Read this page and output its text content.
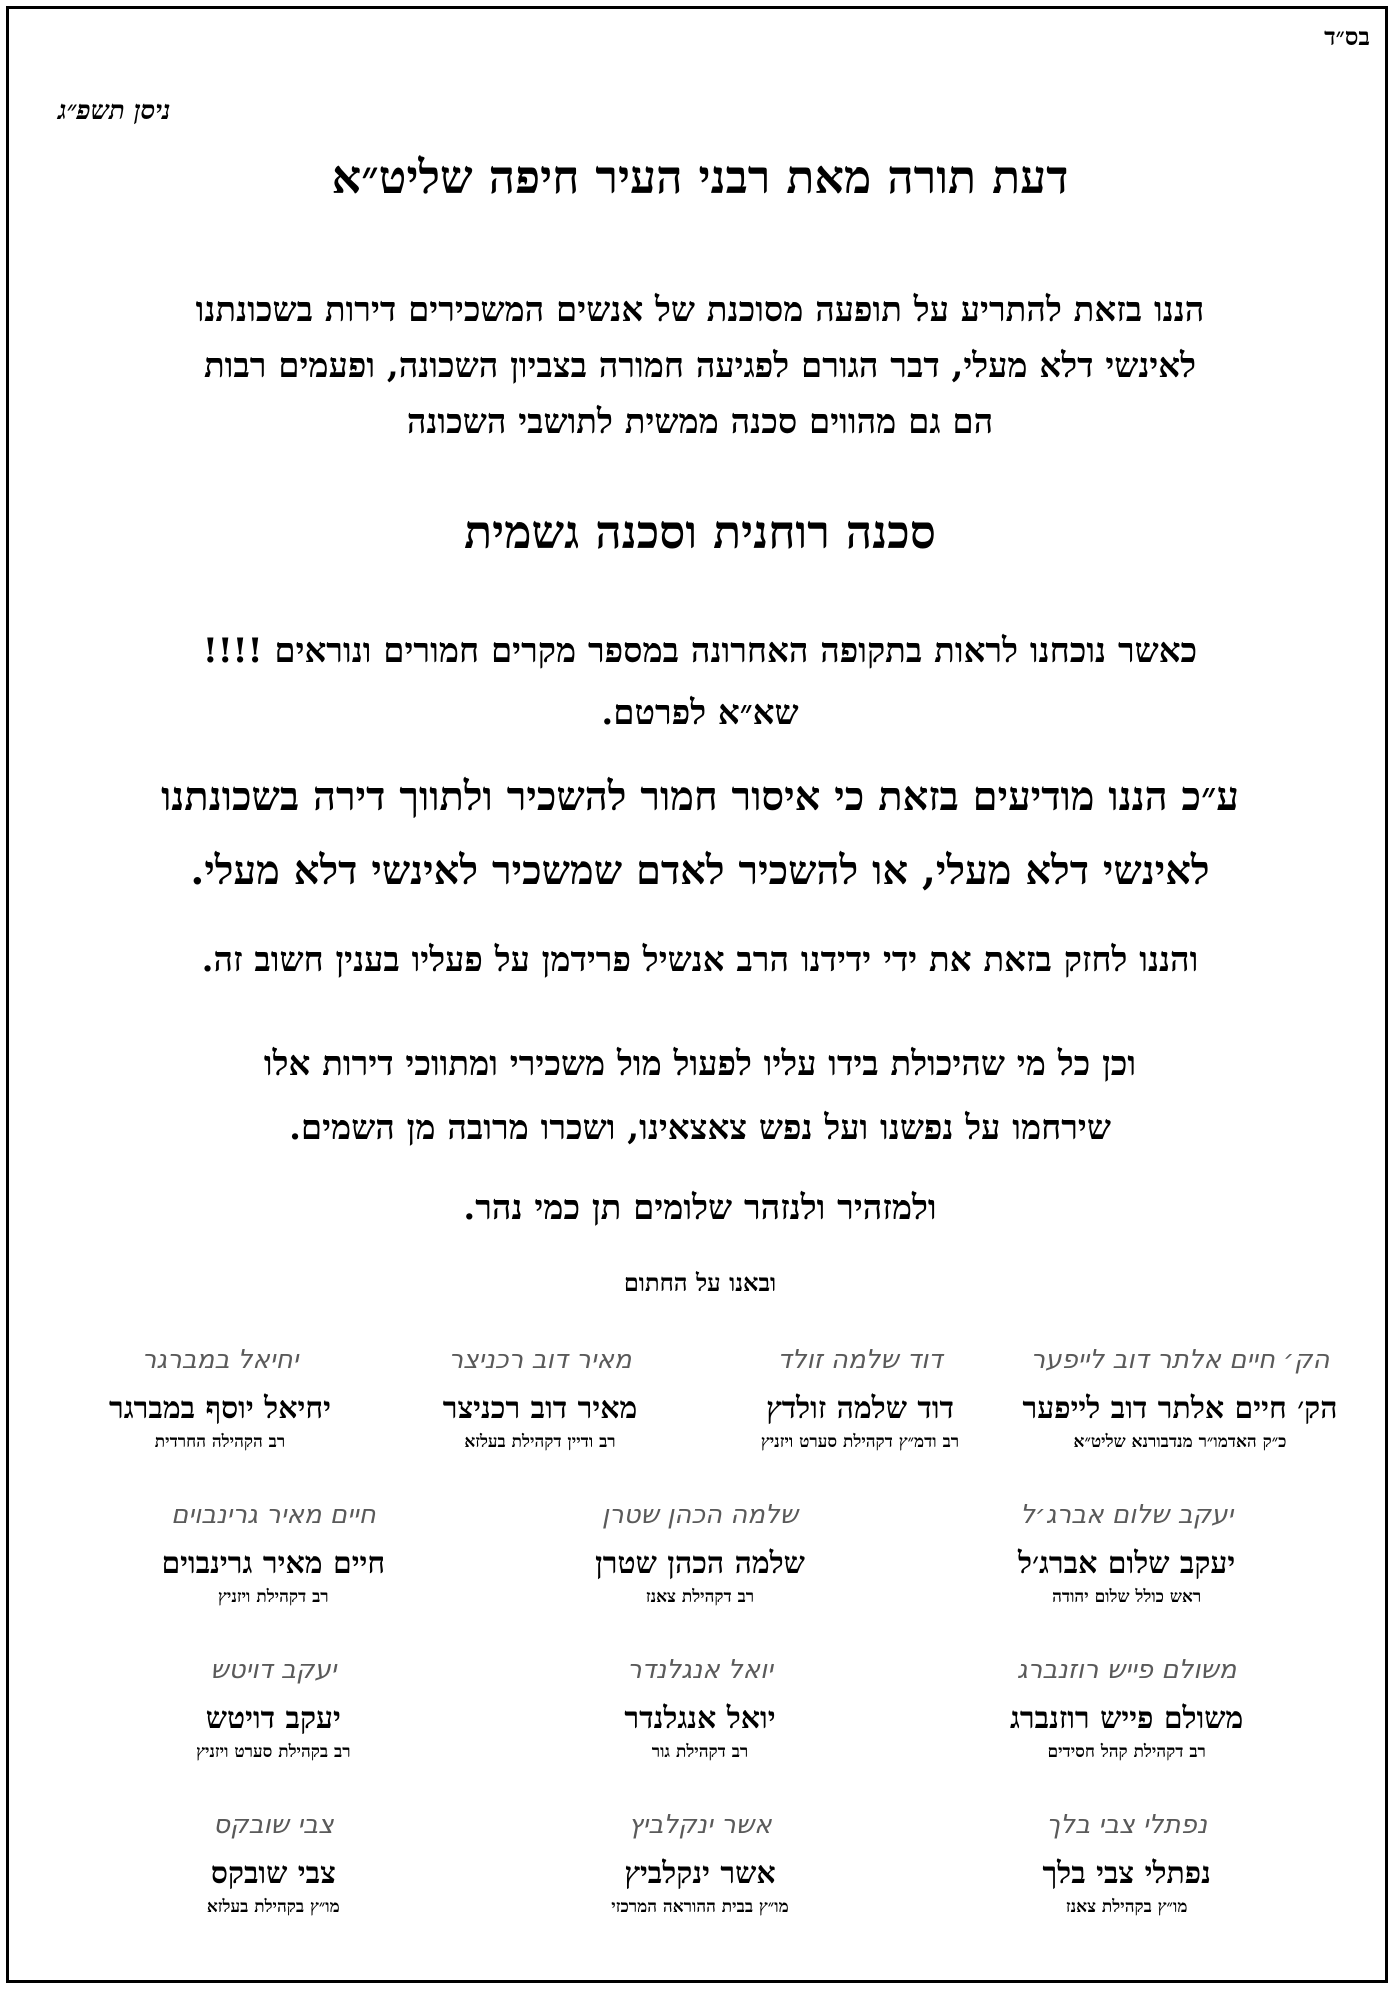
בס״ד
ניסן תשפ״ג
דעת תורה מאת רבני העיר חיפה שליט״א
הננו בזאת להתריע על תופעה מסוכנת של אנשים המשכירים דירות בשכונתנו
לאינשי דלא מעלי, דבר הגורם לפגיעה חמורה בצביון השכונה, ופעמים רבות
הם גם מהווים סכנה ממשית לתושבי השכונה
סכנה רוחנית וסכנה גשמית
כאשר נוכחנו לראות בתקופה האחרונה במספר מקרים חמורים ונוראים !!!!
שא״א לפרטם.
ע״כ הננו מודיעים בזאת כי איסור חמור להשכיר ולתווך דירה בשכונתנו
לאינשי דלא מעלי, או להשכיר לאדם שמשכיר לאינשי דלא מעלי.
והננו לחזק בזאת את ידי ידידנו הרב אנשיל פרידמן על פעליו בענין חשוב זה.
וכן כל מי שהיכולת בידו עליו לפעול מול משכירי ומתווכי דירות אלו
שירחמו על נפשנו ועל נפש צאצאינו, ושכרו מרובה מן השמים.
ולמזהיר ולנזהר שלומים תן כמי נהר.
ובאנו על החתום
הק׳ חיים אלתר דוב לייפער
הק׳ חיים אלתר דוב לייפער
כ״ק האדמו״ר מנדבורנא שליט״א
דוד שלמה זולד
דוד שלמה זולדץ
רב ודמ״ץ דקהילת סערט ויזניץ
מאיר דוב רכניצר
מאיר דוב רכניצר
רב ודיין דקהילת בעלזא
יחיאל במברגר
יחיאל יוסף במברגר
רב הקהילה החרדית
יעקב שלום אברג׳ל
יעקב שלום אברג׳ל
ראש כולל שלום יהודה
שלמה הכהן שטרן
שלמה הכהן שטרן
רב דקהילת צאנז
חיים מאיר גרינבוים
חיים מאיר גרינבוים
רב דקהילת ויזניץ
משולם פייש רוזנברג
משולם פייש רוזנברג
רב דקהילת קהל חסידים
יואל אנגלנדר
יואל אנגלנדר
רב דקהילת גור
יעקב דויטש
יעקב דויטש
רב בקהילת סערט ויזניץ
נפתלי צבי בלך
נפתלי צבי בלך
מו״ץ בקהילת צאנז
אשר ינקלביץ
אשר ינקלביץ
מו״ץ בבית ההוראה המרכזי
צבי שובקס
צבי שובקס
מו״ץ בקהילת בעלזא
